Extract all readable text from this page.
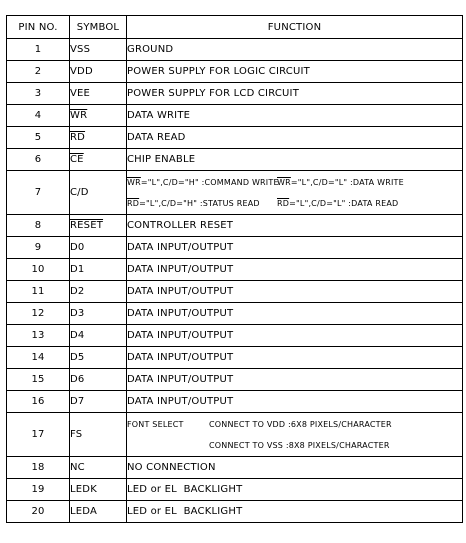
PIN NO.	SYMBOL	FUNCTION
1	VSS	GROUND
2	VDD	POWER SUPPLY FOR LOGIC CIRCUIT
3	VEE	POWER SUPPLY FOR LCD CIRCUIT
4	$\overline{WR}$	DATA WRITE
5	$\overline{RD}$	DATA READ
6	$\overline{CE}$	CHIP ENABLE
7	C/D	$\overline{WR}="L",C/D="H$" :COMMAND WRITE
$\overline{WR}="L",C/D="L$" :DATA WRITE
$\overline{RD}="L",C/D="H$" :STATUS READ $\overline{RD}="L",C/D="L$" :DATA READ

8	RESET	CONTROLLER RESET
9	D0	DATA INPUT/OUTPUT
10	D1	DATA INPUT/OUTPUT
11	D2	DATA INPUT/OUTPUT
12	D3	DATA INPUT/OUTPUT
13	D4	DATA INPUT/OUTPUT
14	D5	DATA INPUT/OUTPUT
15	D6	DATA INPUT/OUTPUT
16	D7	DATA INPUT/OUTPUT
17	FS	FONT SELECT CONNECT TO VDD :6X8 PIXELS/CHARACTER
CONNECT TO VSS :8X8 PIXELS/CHARACTER

18	NC	NO CONNECTION
19	LEDK	LED or EL  BACKLIGHT
20	LEDA	LED or EL  BACKLIGHT
